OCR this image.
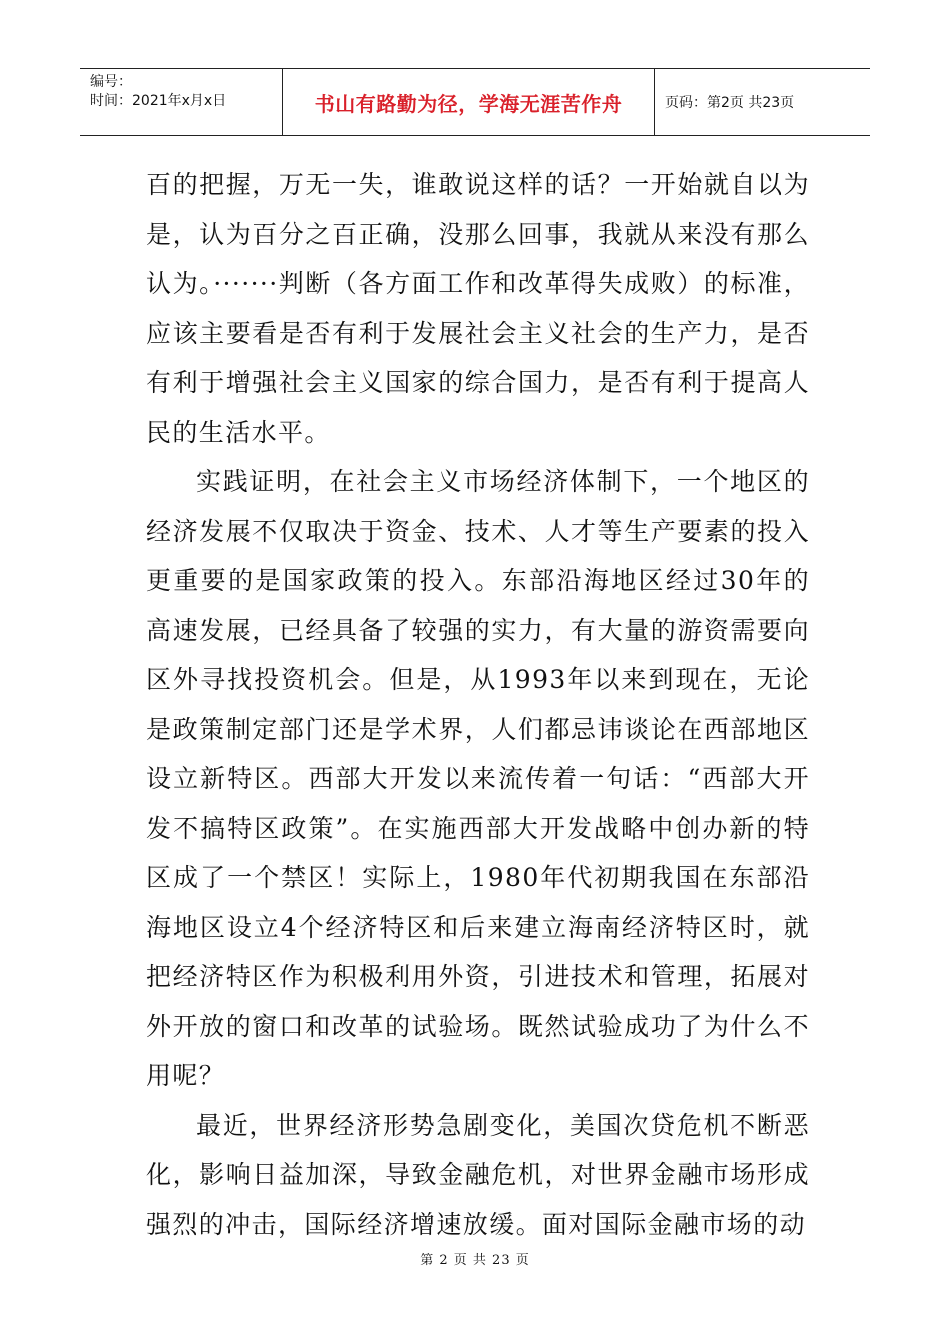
编号：
时间：2021年x月x日	书山有路勤为径，学海无涯苦作舟	页码：第2页 共23页

百的把握，万无一失，谁敢说这样的话？一开始就自以为是，认为百分之百正确，没那么回事，我就从来没有那么认为。·······判断（各方面工作和改革得失成败）的标准，应该主要看是否有利于发展社会主义社会的生产力，是否有利于增强社会主义国家的综合国力，是否有利于提高人民的生活水平。

实践证明，在社会主义市场经济体制下，一个地区的经济发展不仅取决于资金、技术、人才等生产要素的投入更重要的是国家政策的投入。东部沿海地区经过30年的高速发展，已经具备了较强的实力，有大量的游资需要向区外寻找投资机会。但是，从1993年以来到现在，无论是政策制定部门还是学术界，人们都忌讳谈论在西部地区设立新特区。西部大开发以来流传着一句话：“西部大开发不搞特区政策”。在实施西部大开发战略中创办新的特区成了一个禁区！实际上，1980年代初期我国在东部沿海地区设立4个经济特区和后来建立海南经济特区时，就把经济特区作为积极利用外资，引进技术和管理，拓展对外开放的窗口和改革的试验场。既然试验成功了为什么不用呢？

最近，世界经济形势急剧变化，美国次贷危机不断恶化，影响日益加深，导致金融危机，对世界金融市场形成强烈的冲击，国际经济增速放缓。面对国际金融市场的动

第 2 页 共 23 页
